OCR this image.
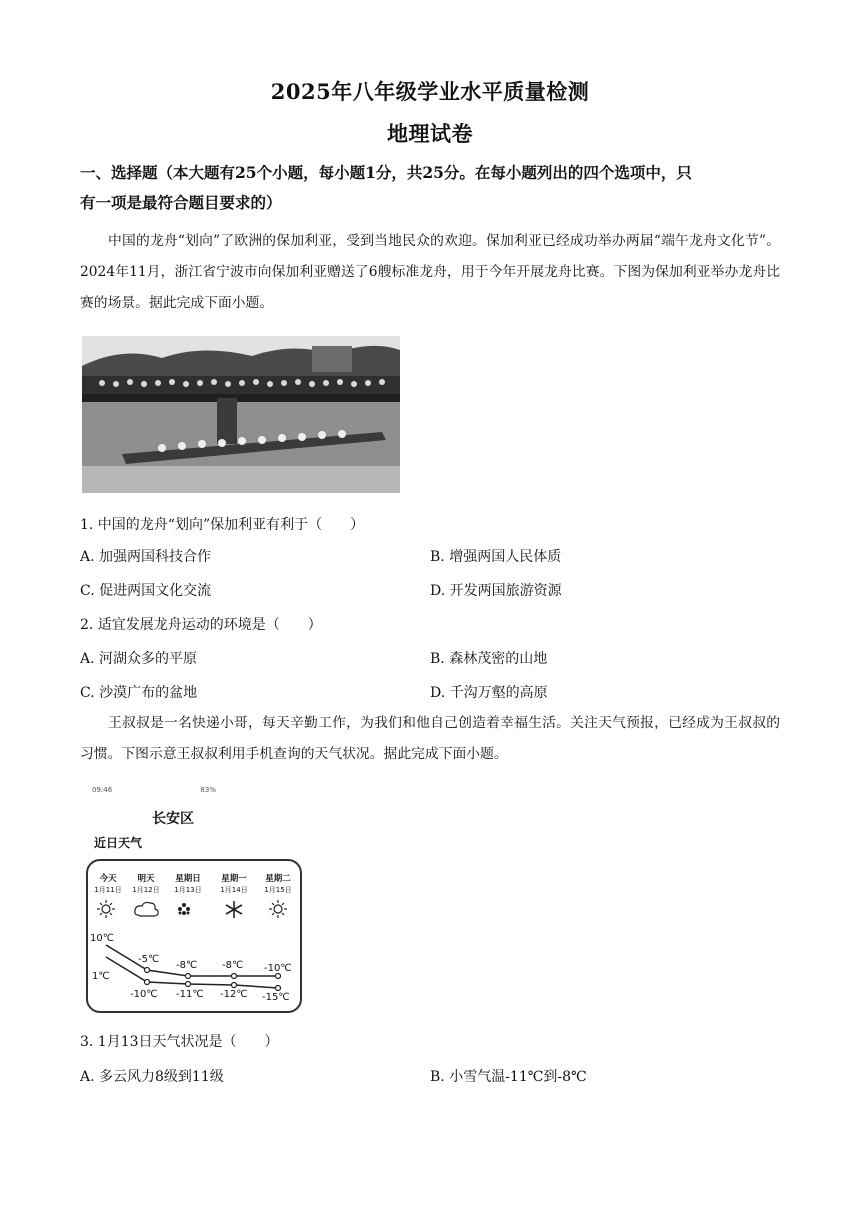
2025年八年级学业水平质量检测
地理试卷
一、选择题（本大题有25个小题，每小题1分，共25分。在每小题列出的四个选项中，只
有一项是最符合题目要求的）
中国的龙舟“划向”了欧洲的保加利亚，受到当地民众的欢迎。保加利亚已经成功举办两届“端午龙舟文化节”。2024年11月，浙江省宁波市向保加利亚赠送了6艘标准龙舟，用于今年开展龙舟比赛。下图为保加利亚举办龙舟比赛的场景。据此完成下面小题。
1. 中国的龙舟“划向”保加利亚有利于（　　）
A. 加强两国科技合作	B. 增强两国人民体质
C. 促进两国文化交流	D. 开发两国旅游资源
2. 适宜发展龙舟运动的环境是（　　）
A. 河湖众多的平原	B. 森林茂密的山地
C. 沙漠广布的盆地	D. 千沟万壑的高原
王叔叔是一名快递小哥，每天辛勤工作，为我们和他自己创造着幸福生活。关注天气预报，已经成为王叔叔的习惯。下图示意王叔叔利用手机查询的天气状况。据此完成下面小题。
09:46	83%
长安区
近日天气
今天
1月11日
明天
1月12日
星期日
1月13日
星期一
1月14日
星期二
1月15日
10℃
1℃
-5℃
-10℃
-8℃
-11℃
-8℃
-12℃
-10℃
-15℃
3. 1月13日天气状况是（　　）
A. 多云风力8级到11级	B. 小雪气温-11℃到-8℃
